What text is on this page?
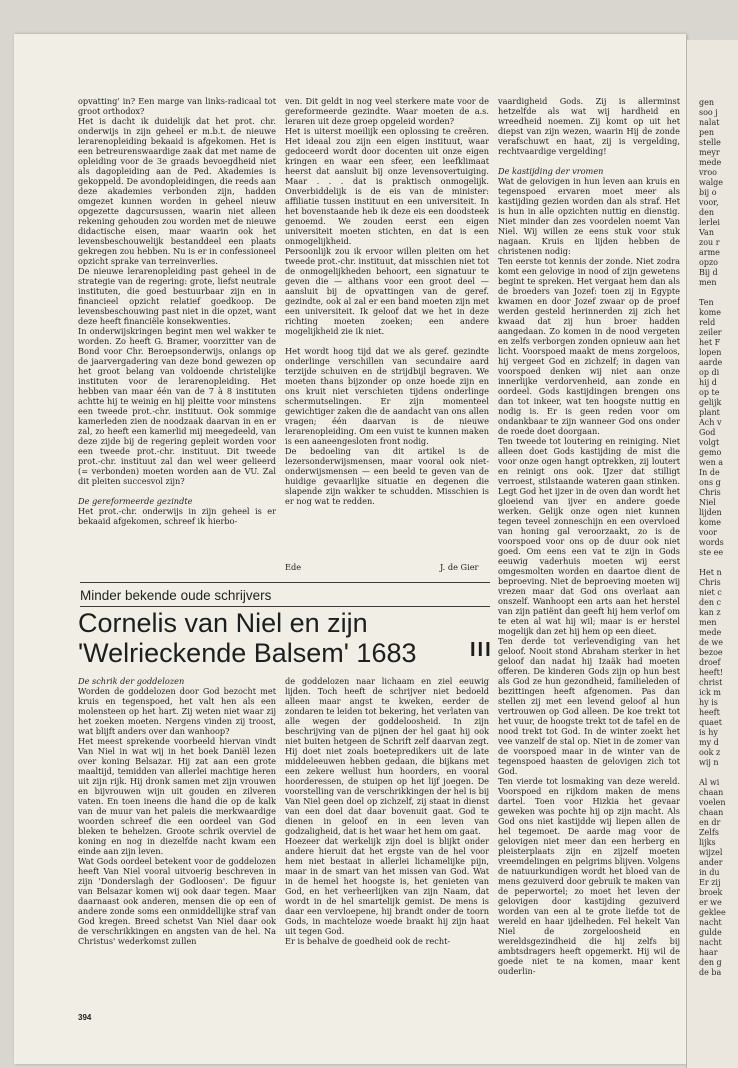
opvatting' in? Een marge van links-radicaal tot groot orthodox?

Het is dacht ik duidelijk dat het prot. chr. onderwijs in zijn geheel er m.b.t. de nieuwe lerarenopleiding bekaaid is afgekomen. Het is een betreurenswaardige zaak dat met name de opleiding voor de 3e graads bevoegdheid niet als dagopleiding aan de Ped. Akademies is gekoppeld. De avondopleidingen, die reeds aan deze akademies verbonden zijn, hadden omgezet kunnen worden in geheel nieuw opgezette dagcursussen, waarin niet alleen rekening gehouden zou worden met de nieuwe didactische eisen, maar waarin ook het levensbeschouwelijk bestanddeel een plaats gekregen zou hebben. Nu is er in confessioneel opzicht sprake van terreinverlies.

De nieuwe lerarenopleiding past geheel in de strategie van de regering: grote, liefst neutrale instituten, die goed bestuurbaar zijn en in financieel opzicht relatief goedkoop. De levensbeschouwing past niet in die opzet, want deze heeft financiële konsekwenties.

In onderwijskringen begint men wel wakker te worden. Zo heeft G. Bramer, voorzitter van de Bond voor Chr. Beroepsonderwijs, onlangs op de jaarvergadering van deze bond gewezen op het groot belang van voldoende christelijke instituten voor de lerarenopleiding. Het hebben van maar één van de 7 à 8 instituten achtte hij te weinig en hij pleitte voor minstens een tweede prot.-chr. instituut. Ook sommige kamerleden zien de noodzaak daarvan in en er zal, zo heeft een kamerlid mij meegedeeld, van deze zijde bij de regering gepleit worden voor een tweede prot.-chr. instituut. Dit tweede prot.-chr. instituut zal dan wel weer gelieerd (= verbonden) moeten worden aan de VU. Zal dit pleiten succesvol zijn?

De gereformeerde gezindte

Het prot.-chr. onderwijs in zijn geheel is er bekaaid afgekomen, schreef ik hierbo-

ven. Dit geldt in nog veel sterkere mate voor de gereformeerde gezindte. Waar moeten de a.s. leraren uit deze groep opgeleid worden?

Het is uiterst moeilijk een oplossing te creëren. Het ideaal zou zijn een eigen instituut, waar gedoceerd wordt door docenten uit onze eigen kringen en waar een sfeer, een leefklimaat heerst dat aansluit bij onze levensovertuiging. Maar . . . dat is praktisch onmogelijk. Onverbiddelijk is de eis van de minister: affiliatie tussen instituut en een universiteit. In het bovenstaande heb ik deze eis een doodsteek genoemd. We zouden eerst een eigen universiteit moeten stichten, en dat is een onmogelijkheid.

Persoonlijk zou ik ervoor willen pleiten om het tweede prot.-chr. instituut, dat misschien niet tot de onmogelijkheden behoort, een signatuur te geven die — althans voor een groot deel — aansluit bij de opvattingen van de geref. gezindte, ook al zal er een band moeten zijn met een universiteit. Ik geloof dat we het in deze richting moeten zoeken; een andere mogelijkheid zie ik niet.

Het wordt hoog tijd dat we als geref. gezindte onderlinge verschillen van secundaire aard terzijde schuiven en de strijdbijl begraven. We moeten thans bijzonder op onze hoede zijn en ons kruit niet verschieten tijdens onderlinge schermutselingen. Er zijn momenteel gewichtiger zaken die de aandacht van ons allen vragen; één daarvan is de nieuwe lerarenopleiding. Om een vuist te kunnen maken is een aaneengesloten front nodig.

De bedoeling van dit artikel is de lezersonderwijsmensen, maar vooral ook niet-onderwijsmensen — een beeld te geven van de huidige gevaarlijke situatie en degenen die slapende zijn wakker te schudden. Misschien is er nog wat te redden.

Ede	J. de Gier
Minder bekende oude schrijvers
Cornelis van Niel en zijn
'Welrieckende Balsem' 1683	III

De schrik der goddelozen

Worden de goddelozen door God bezocht met kruis en tegenspoed, het valt hen als een molensteen op het hart. Zij weten niet waar zij het zoeken moeten. Nergens vinden zij troost, wat blijft anders over dan wanhoop?

Het meest sprekende voorbeeld hiervan vindt Van Niel in wat wij in het boek Daniël lezen over koning Belsazar. Hij zat aan een grote maaltijd, temidden van allerlei machtige heren uit zijn rijk. Hij dronk samen met zijn vrouwen en bijvrouwen wijn uit gouden en zilveren vaten. En toen ineens die hand die op de kalk van de muur van het paleis die merkwaardige woorden schreef die een oordeel van God bleken te behelzen. Groote schrik overviel de koning en nog in diezelfde nacht kwam een einde aan zijn leven.

Wat Gods oordeel betekent voor de goddelozen heeft Van Niel vooral uitvoerig beschreven in zijn 'Donderslagh der Godloosen'. De figuur van Belsazar komen wij ook daar tegen. Maar daarnaast ook anderen, mensen die op een of andere zonde soms een onmiddellijke straf van God kregen. Breed schetst Van Niel daar ook de verschrikkingen en angsten van de hel. Na Christus' wederkomst zullen

de goddelozen naar lichaam en ziel eeuwig lijden. Toch heeft de schrijver niet bedoeld alleen maar angst te kweken, eerder de zondaren te leiden tot bekering, het verlaten van alle wegen der goddeloosheid. In zijn beschrijving van de pijnen der hel gaat hij ook niet buiten hetgeen de Schrift zelf daarvan zegt. Hij doet niet zoals boetepredikers uit de late middeleeuwen hebben gedaan, die bijkans met een zekere wellust hun hoorders, en vooral hoorderessen, de stuipen op het lijf joegen. De voorstelling van de verschrikkingen der hel is bij Van Niel geen doel op zichzelf, zij staat in dienst van een doel dat daar bovenuit gaat. God te dienen in geloof en in een leven van godzaligheid, dat is het waar het hem om gaat.

Hoezeer dat werkelijk zijn doel is blijkt onder andere hieruit dat het ergste van de hel voor hem niet bestaat in allerlei lichamelijke pijn, maar in de smart van het missen van God. Wat in de hemel het hoogste is, het genieten van God, en het verheerlijken van zijn Naam, dat wordt in de hel smartelijk gemist. De mens is daar een vervloepene, hij brandt onder de toorn Gods, in machteloze woede braakt hij zijn haat uit tegen God.

Er is behalve de goedheid ook de recht-

vaardigheid Gods. Zij is allerminst hetzelfde als wat wij hardheid en wreedheid noemen. Zij komt op uit het diepst van zijn wezen, waarin Hij de zonde verafschuwt en haat, zij is vergelding, rechtvaardige vergelding!

De kastijding der vromen

Wat de gelovigen in hun leven aan kruis en tegenspoed ervaren moet meer als kastijding gezien worden dan als straf. Het is hun in alle opzichten nuttig en dienstig. Niet minder dan zes voordelen noemt Van Niel. Wij willen ze eens stuk voor stuk nagaan. Kruis en lijden hebben de christenen nodig:

Ten eerste tot kennis der zonde. Niet zodra komt een gelovige in nood of zijn gewetens begint te spreken. Het vergaat hem dan als de broeders van Jozef: toen zij in Egypte kwamen en door Jozef zwaar op de proef werden gesteld herinnerden zij zich het kwaad dat zij hun broer hadden aangedaan. Zo komen in de nood vergeten en zelfs verborgen zonden opnieuw aan het licht. Voorspoed maakt de mens zorgeloos, hij vergeet God en zichzelf; in dagen van voorspoed denken wij niet aan onze innerlijke verdorvenheid, aan zonde en oordeel. Gods kastijdingen brengen ons dan tot inkeer, wat ten hoogste nuttig en nodig is. Er is geen reden voor om ondankbaar te zijn wanneer God ons onder de roede doet doorgaan.

Ten tweede tot loutering en reiniging. Niet alleen doet Gods kastijding de mist die voor onze ogen hangt optrekken, zij loutert en reinigt ons ook. IJzer dat stilligt verroest, stilstaande wateren gaan stinken. Legt God het ijzer in de oven dan wordt het gloeiend van ijver en andere goede werken. Gelijk onze ogen niet kunnen tegen teveel zonneschijn en een overvloed van honing gal veroorzaakt, zo is de voorspoed voor ons op de duur ook niet goed. Om eens een vat te zijn in Gods eeuwig vaderhuis moeten wij eerst omgesmolten worden en daartoe dient de beproeving. Niet de beproeving moeten wij vrezen maar dat God ons overlaat aan onszelf. Wanhoopt een arts aan het herstel van zijn patiënt dan geeft hij hem verlof om te eten al wat hij wil; maar is er herstel mogelijk dan zet hij hem op een dieet.

Ten derde tot verlevendiging van het geloof. Nooit stond Abraham sterker in het geloof dan nadat hij Izaäk had moeten offeren. De kinderen Gods zijn op hun best als God ze hun gezondheid, familieleden of bezittingen heeft afgenomen. Pas dan stellen zij met een levend geloof al hun vertrouwen op God alleen. De koe trekt tot het vuur, de hoogste trekt tot de tafel en de nood trekt tot God. In de winter zoekt het vee vanzelf de stal op. Niet in de zomer van de voorspoed maar in de winter van de tegenspoed haasten de gelovigen zich tot God.

Ten vierde tot losmaking van deze wereld. Voorspoed en rijkdom maken de mens dartel. Toen voor Hizkia het gevaar geweken was pochte hij op zijn macht. Als God ons niet kastijdde wij liepen allen de hel tegemoet. De aarde mag voor de gelovigen niet meer dan een herberg en pleisterplaats zijn en zijzelf moeten vreemdelingen en pelgrims blijven. Volgens de natuurkundigen wordt het bloed van de mens gezuiverd door gebruik te maken van de peperwortel; zo moet het leven der gelovigen door kastijding gezuiverd worden van een al te grote liefde tot de wereld en haar ijdelheden. Fel hekelt Van Niel de zorgeloosheid en wereldsgezindheid die hij zelfs bij ambtsdragers heeft opgemerkt. Hij wil de goede niet te na komen, maar kent ouderlin-

394
gen
soo j
nalat
pen
stelle
meyr
mede
vroo
walge
bij o
voor,
den
lerlei
Van
zou r
arme
opzo
Bij d
men
Ten
kome
reld
zeiler
het F
lopen
aarde
op di
hij d
op te
gelijk
plant
Ach v
God
volgt
gemo
wen a
In de
ons g
Chris
Niel
lijden
kome
voor
words
ste ee
Het n
Chris
niet c
den c
kan z
men
mede
de we
bezoe
droef
heeft!
christ
ick m
hy is
heeft
quaet
is hy
my d
ook z
wij n
Al wi
chaan
voelen
chaan
en dr
Zelfs
lijks
wijzel
ander
in du
Er zij
broek
er we
geklee
nacht
gulde
nacht
haar
den g
de ba
